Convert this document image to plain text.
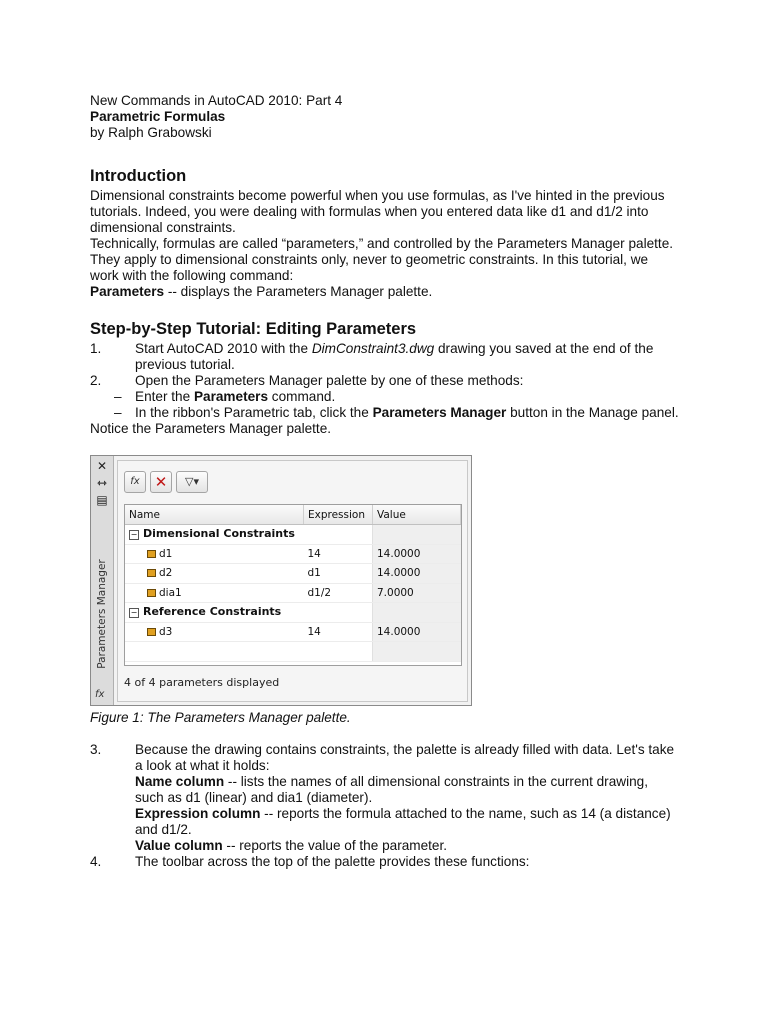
New Commands in AutoCAD 2010: Part 4

Parametric Formulas

by Ralph Grabowski

Introduction

Dimensional constraints become powerful when you use formulas, as I've hinted in the previous tutorials. Indeed, you were dealing with formulas when you entered data like d1 and d1/2 into dimensional constraints.

Technically, formulas are called “parameters,” and controlled by the Parameters Manager palette. They apply to dimensional constraints only, never to geometric constraints. In this tutorial, we work with the following command:

Parameters -- displays the Parameters Manager palette.

Step-by-Step Tutorial: Editing Parameters

1. Start AutoCAD 2010 with the DimConstraint3.dwg drawing you saved at the end of the previous tutorial.

2. Open the Parameters Manager palette by one of these methods:

– Enter the Parameters command.

– In the ribbon's Parametric tab, click the Parameters Manager button in the Manage panel.

Notice the Parameters Manager palette.

✕
⇿
▤
Parameters Manager
fx
fx ✕	▽▾
Name	Expression	Value
− Dimensional Constraints		
d1	14	14.0000
d2	d1	14.0000
dia1	d1/2	7.0000
− Reference Constraints		
d3	14	14.0000

4 of 4 parameters displayed

Figure 1: The Parameters Manager palette.

3. Because the drawing contains constraints, the palette is already filled with data. Let's take a look at what it holds:

Name column -- lists the names of all dimensional constraints in the current drawing, such as d1 (linear) and dia1 (diameter).

Expression column -- reports the formula attached to the name, such as 14 (a distance) and d1/2.

Value column -- reports the value of the parameter.

4. The toolbar across the top of the palette provides these functions:
